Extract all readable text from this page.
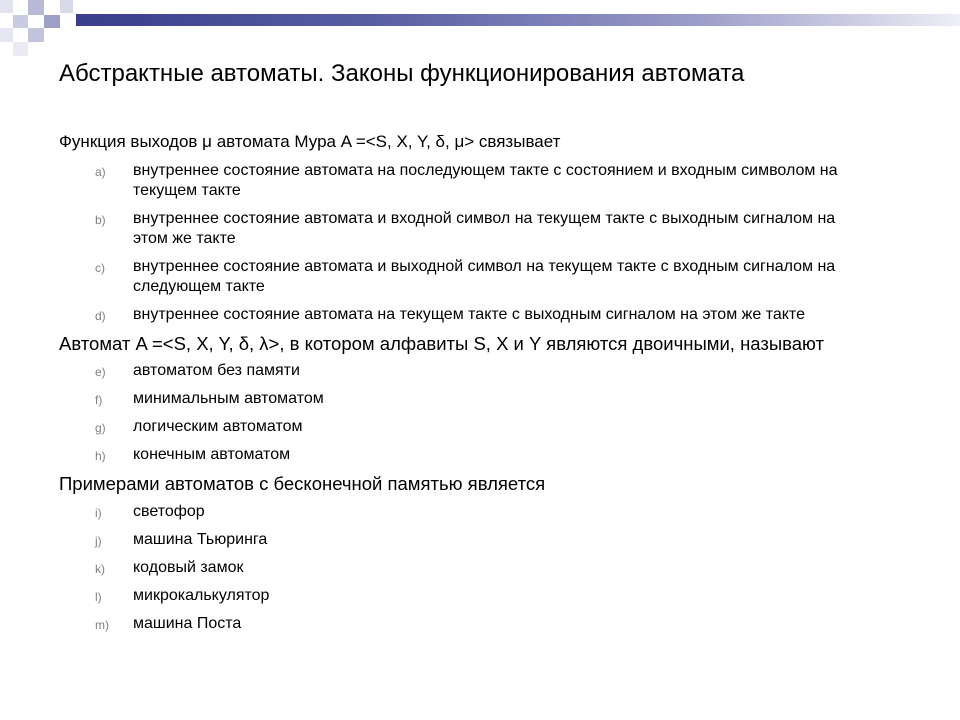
Абстрактные автоматы. Законы функционирования автомата

Функция выходов μ автомата Мура A =<S, X, Y, δ, μ> связывает

a) внутреннее состояние автомата на последующем такте с состоянием и входным символом на текущем такте
b) внутреннее состояние автомата и входной символ на текущем такте с выходным сигналом на этом же такте
c) внутреннее состояние автомата и выходной символ на текущем такте с входным сигналом на следующем такте
d) внутреннее состояние автомата на текущем такте с выходным сигналом на этом же такте

Автомат A =<S, X, Y, δ, λ>, в котором алфавиты S, X и Y являются двоичными, называют

e) автоматом без памяти
f) минимальным автоматом
g) логическим автоматом
h) конечным автоматом

Примерами автоматов с бесконечной памятью является

i) светофор
j) машина Тьюринга
k) кодовый замок
l) микрокалькулятор
m) машина Поста
